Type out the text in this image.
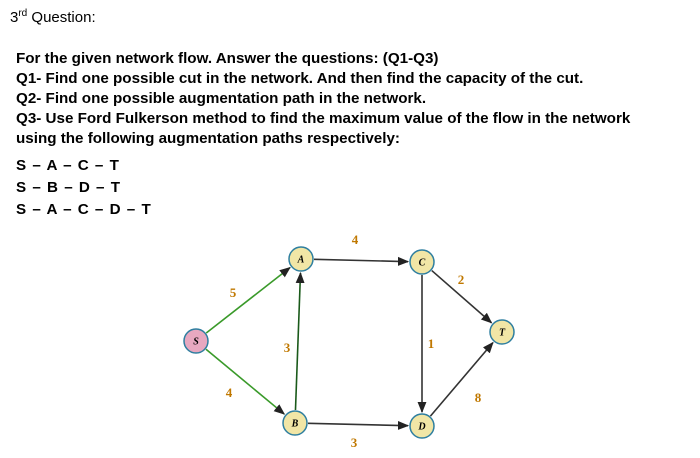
3rd Question:
For the given network flow. Answer the questions: (Q1-Q3)
Q1- Find one possible cut in the network. And then find the capacity of the cut.
Q2- Find one possible augmentation path in the network.
Q3- Use Ford Fulkerson method to find the maximum value of the flow in the network
using the following augmentation paths respectively:
S – A – C – T
S – B – D – T
S – A – C – D – T
5
4
3
4
3
1
2
8
S
A
B
C
D
T
